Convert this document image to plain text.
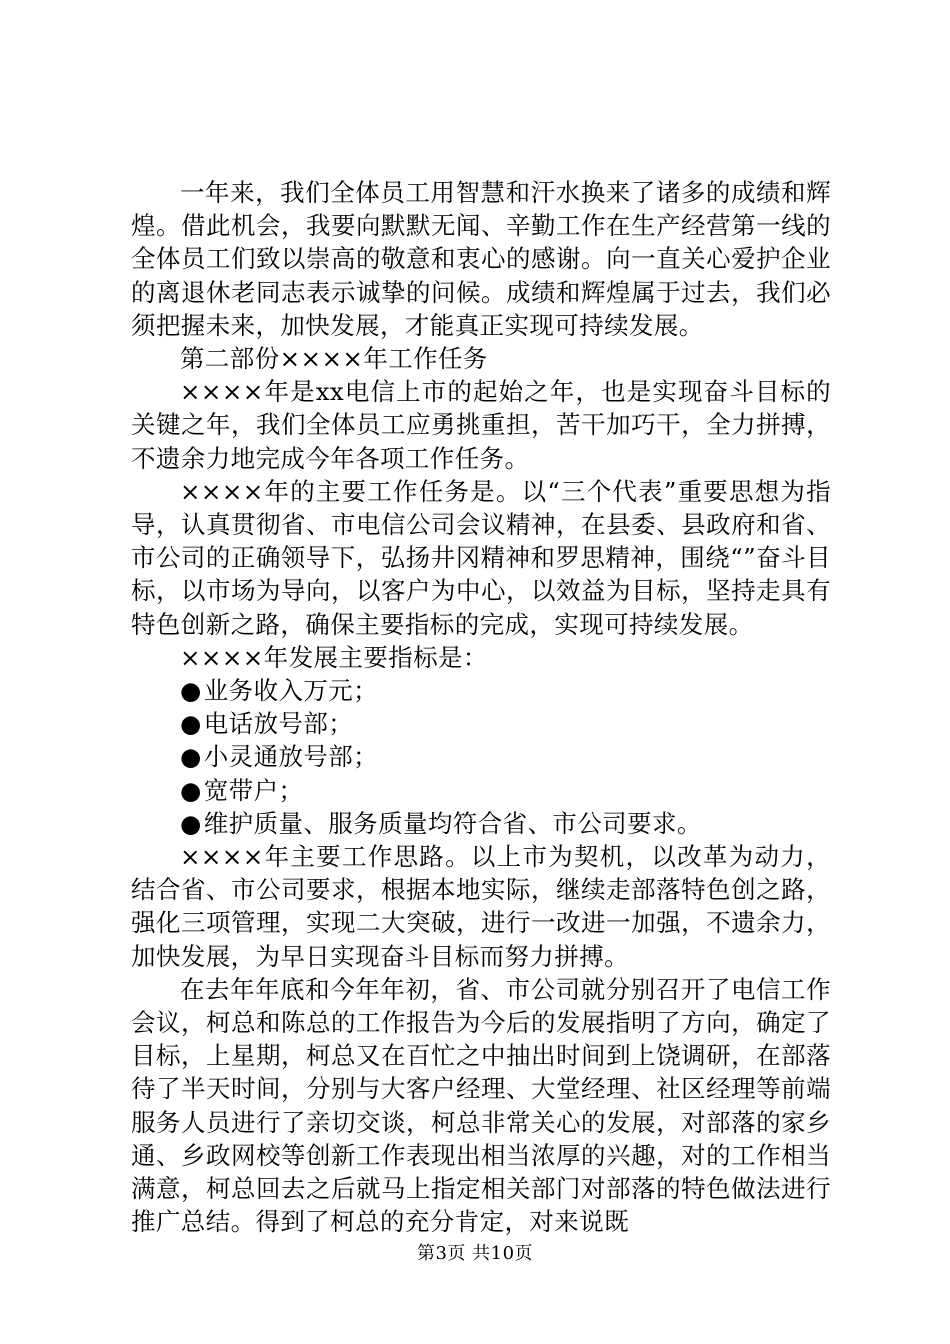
一年来，我们全体员工用智慧和汗水换来了诸多的成绩和辉煌。借此机会，我要向默默无闻、辛勤工作在生产经营第一线的全体员工们致以崇高的敬意和衷心的感谢。向一直关心爱护企业的离退休老同志表示诚挚的问候。成绩和辉煌属于过去，我们必须把握未来，加快发展，才能真正实现可持续发展。

第二部份××××年工作任务

××××年是xx电信上市的起始之年，也是实现奋斗目标的关键之年，我们全体员工应勇挑重担，苦干加巧干，全力拼搏，不遗余力地完成今年各项工作任务。

××××年的主要工作任务是。以“三个代表”重要思想为指导，认真贯彻省、市电信公司会议精神，在县委、县政府和省、市公司的正确领导下，弘扬井冈精神和罗思精神，围绕“”奋斗目标，以市场为导向，以客户为中心，以效益为目标，坚持走具有特色创新之路，确保主要指标的完成，实现可持续发展。

××××年发展主要指标是：

●业务收入万元；

●电话放号部；

●小灵通放号部；

●宽带户；

●维护质量、服务质量均符合省、市公司要求。

××××年主要工作思路。以上市为契机，以改革为动力，结合省、市公司要求，根据本地实际，继续走部落特色创之路，强化三项管理，实现二大突破，进行一改进一加强，不遗余力，加快发展，为早日实现奋斗目标而努力拼搏。

在去年年底和今年年初，省、市公司就分别召开了电信工作会议，柯总和陈总的工作报告为今后的发展指明了方向，确定了目标，上星期，柯总又在百忙之中抽出时间到上饶调研，在部落待了半天时间，分别与大客户经理、大堂经理、社区经理等前端服务人员进行了亲切交谈，柯总非常关心的发展，对部落的家乡通、乡政网校等创新工作表现出相当浓厚的兴趣，对的工作相当满意，柯总回去之后就马上指定相关部门对部落的特色做法进行推广总结。得到了柯总的充分肯定，对来说既

第3页 共10页
